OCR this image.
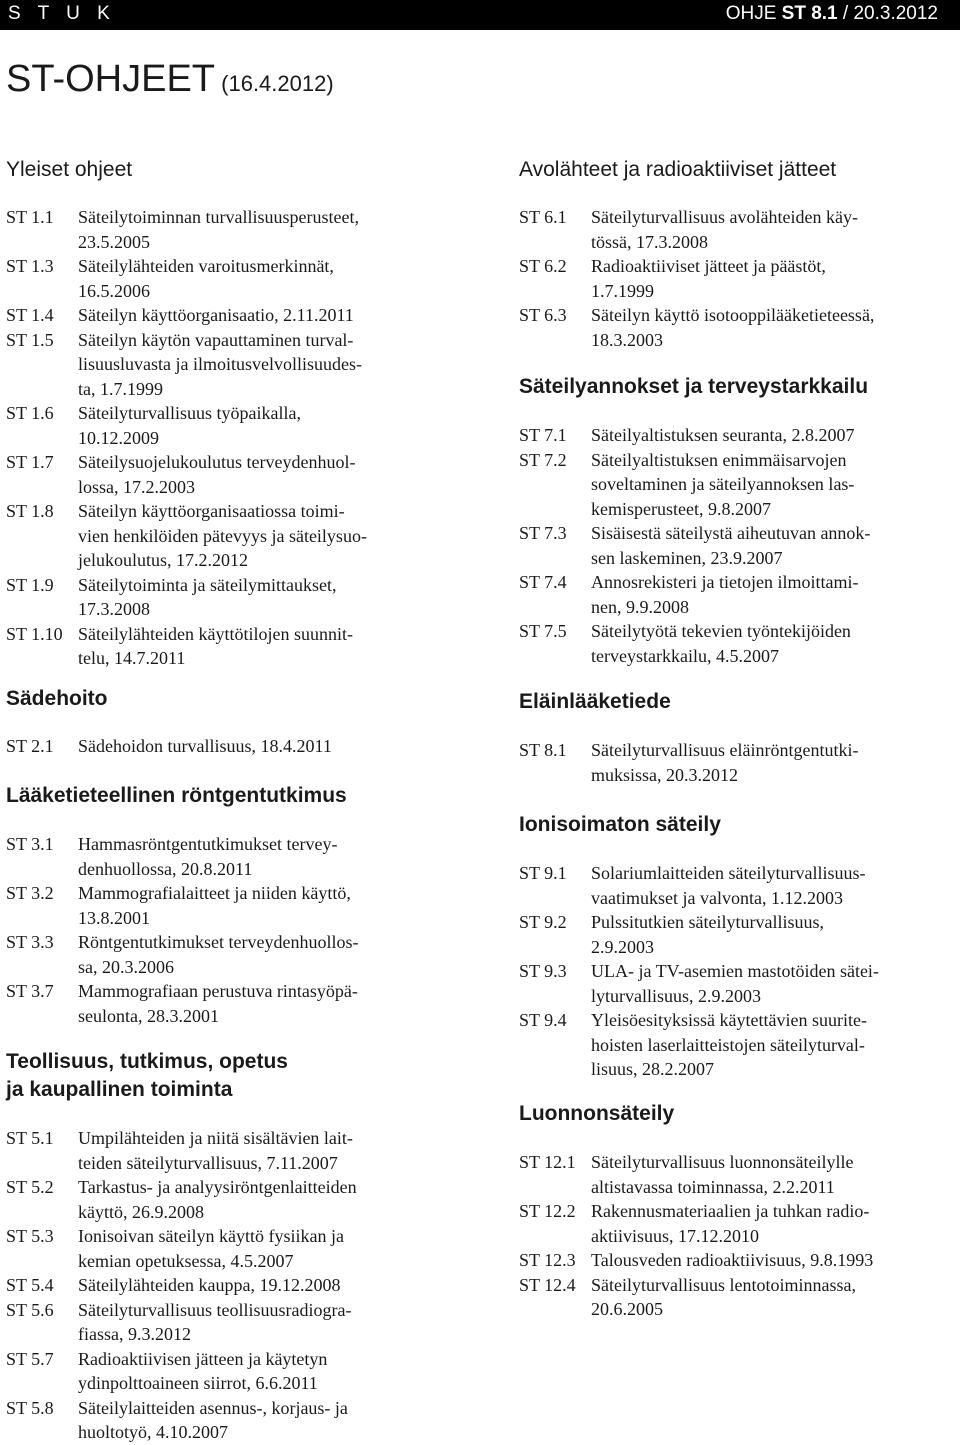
S T U K	OHJE ST 8.1 / 20.3.2012
ST-OHJEET (16.4.2012)
Yleiset ohjeet
ST 1.1 Säteilytoiminnan turvallisuusperusteet,
23.5.2005
ST 1.3 Säteilylähteiden varoitusmerkinnät,
16.5.2006
ST 1.4 Säteilyn käyttöorganisaatio, 2.11.2011
ST 1.5 Säteilyn käytön vapauttaminen turval-
lisuusluvasta ja ilmoitusvelvollisuudes-
ta, 1.7.1999
ST 1.6 Säteilyturvallisuus työpaikalla,
10.12.2009
ST 1.7 Säteilysuojelukoulutus terveydenhuol-
lossa, 17.2.2003
ST 1.8 Säteilyn käyttöorganisaatiossa toimi-
vien henkilöiden pätevyys ja säteilysuo-
jelukoulutus, 17.2.2012
ST 1.9 Säteilytoiminta ja säteilymittaukset,
17.3.2008
ST 1.10 Säteilylähteiden käyttötilojen suunnit-
telu, 14.7.2011
Sädehoito
ST 2.1 Sädehoidon turvallisuus, 18.4.2011
Lääketieteellinen röntgentutkimus
ST 3.1 Hammasröntgentutkimukset tervey-
denhuollossa, 20.8.2011
ST 3.2 Mammografialaitteet ja niiden käyttö,
13.8.2001
ST 3.3 Röntgentutkimukset terveydenhuollos-
sa, 20.3.2006
ST 3.7 Mammografiaan perustuva rintasyöpä-
seulonta, 28.3.2001
Teollisuus, tutkimus, opetus
ja kaupallinen toiminta
ST 5.1 Umpilähteiden ja niitä sisältävien lait-
teiden säteilyturvallisuus, 7.11.2007
ST 5.2 Tarkastus- ja analyysiröntgenlaitteiden
käyttö, 26.9.2008
ST 5.3 Ionisoivan säteilyn käyttö fysiikan ja
kemian opetuksessa, 4.5.2007
ST 5.4 Säteilylähteiden kauppa, 19.12.2008
ST 5.6 Säteilyturvallisuus teollisuusradiogra-
fiassa, 9.3.2012
ST 5.7 Radioaktiivisen jätteen ja käytetyn
ydinpolttoaineen siirrot, 6.6.2011
ST 5.8 Säteilylaitteiden asennus-, korjaus- ja
huoltotyö, 4.10.2007
Avolähteet ja radioaktiiviset jätteet
ST 6.1 Säteilyturvallisuus avolähteiden käy-
tössä, 17.3.2008
ST 6.2 Radioaktiiviset jätteet ja päästöt,
1.7.1999
ST 6.3 Säteilyn käyttö isotooppilääketieteessä,
18.3.2003
Säteilyannokset ja terveystarkkailu
ST 7.1 Säteilyaltistuksen seuranta, 2.8.2007
ST 7.2 Säteilyaltistuksen enimmäisarvojen
soveltaminen ja säteilyannoksen las-
kemisperusteet, 9.8.2007
ST 7.3 Sisäisestä säteilystä aiheutuvan annok-
sen laskeminen, 23.9.2007
ST 7.4 Annosrekisteri ja tietojen ilmoittami-
nen, 9.9.2008
ST 7.5 Säteilytyötä tekevien työntekijöiden
terveystarkkailu, 4.5.2007
Eläinlääketiede
ST 8.1 Säteilyturvallisuus eläinröntgentutki-
muksissa, 20.3.2012
Ionisoimaton säteily
ST 9.1 Solariumlaitteiden säteilyturvallisuus-
vaatimukset ja valvonta, 1.12.2003
ST 9.2 Pulssitutkien säteilyturvallisuus,
2.9.2003
ST 9.3 ULA- ja TV-asemien mastotöiden sätei-
lyturvallisuus, 2.9.2003
ST 9.4 Yleisöesityksissä käytettävien suurite-
hoisten laserlaitteistojen säteilyturval-
lisuus, 28.2.2007
Luonnonsäteily
ST 12.1 Säteilyturvallisuus luonnonsäteilylle
altistavassa toiminnassa, 2.2.2011
ST 12.2 Rakennusmateriaalien ja tuhkan radio-
aktiivisuus, 17.12.2010
ST 12.3 Talousveden radioaktiivisuus, 9.8.1993
ST 12.4 Säteilyturvallisuus lentotoiminnassa,
20.6.2005
